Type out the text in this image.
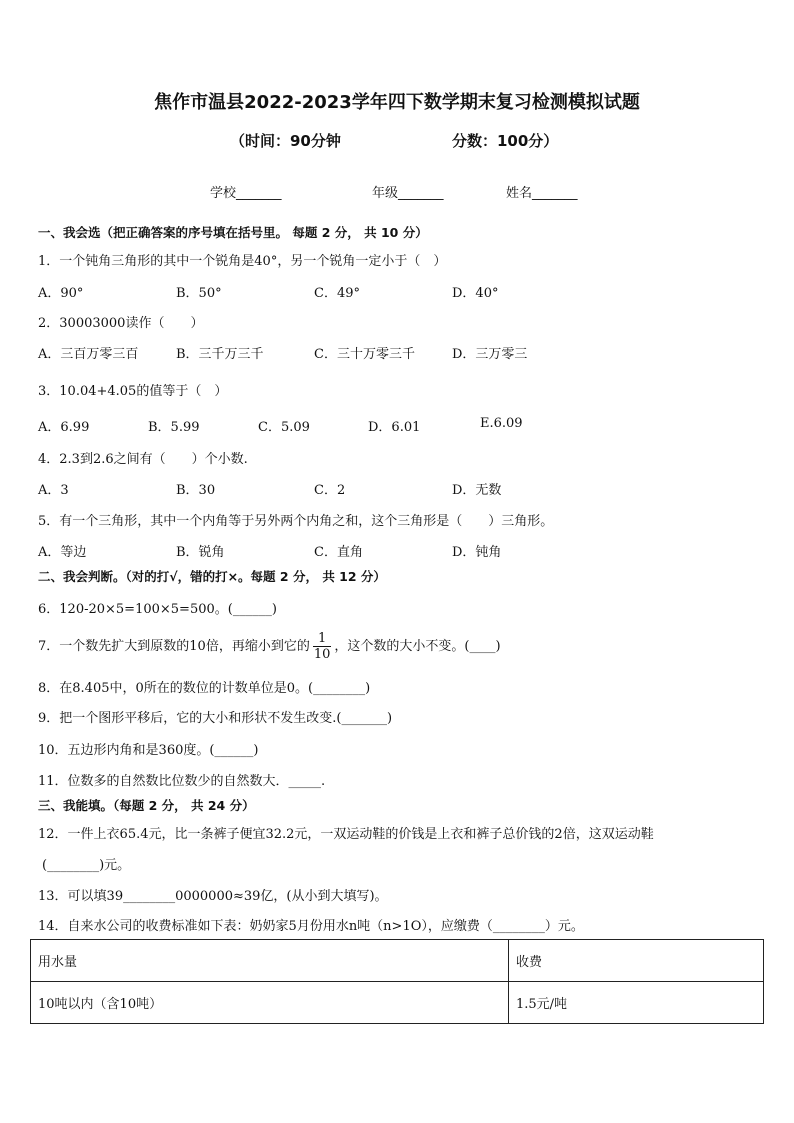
焦作市温县2022-2023学年四下数学期末复习检测模拟试题
（时间：90分钟	分数：100分）
学校_______	年级_______	姓名_______
一、我会选（把正确答案的序号填在括号里。 每题 2 分， 共 10 分）
1．一个钝角三角形的其中一个锐角是40°，另一个锐角一定小于（　）
A．90°	B．50°	C．49°	D．40°
2．30003000读作（　　）
A．三百万零三百	B．三千万三千	C．三十万零三千	D．三万零三
3．10.04+4.05的值等于（　）
A．6.99	B．5.99	C．5.09	D．6.01	E.6.09
4．2.3到2.6之间有（　　）个小数.
A．3	B．30	C．2	D．无数
5．有一个三角形，其中一个内角等于另外两个内角之和，这个三角形是（　　）三角形。
A．等边	B．锐角	C．直角	D．钝角
二、我会判断。（对的打√，错的打×。每题 2 分， 共 12 分）
6．120-20×5=100×5=500。(______)
7．一个数先扩大到原数的10倍，再缩小到它的 $\frac{1}{10}$ ，这个数的大小不变。(____)
8．在8.405中，0所在的数位的计数单位是0。(________)
9．把一个图形平移后，它的大小和形状不发生改变.(_______)
10．五边形内角和是360度。(______)
11．位数多的自然数比位数少的自然数大．_____.
三、我能填。（每题 2 分， 共 24 分）
12．一件上衣65.4元，比一条裤子便宜32.2元，一双运动鞋的价钱是上衣和裤子总价钱的2倍，这双运动鞋
(________)元。
13．可以填39________0000000≈39亿，(从小到大填写)。
14．自来水公司的收费标准如下表：奶奶家5月份用水n吨（n>1O），应缴费（________）元。
用水量	收费
10吨以内（含10吨）	1.5元/吨
